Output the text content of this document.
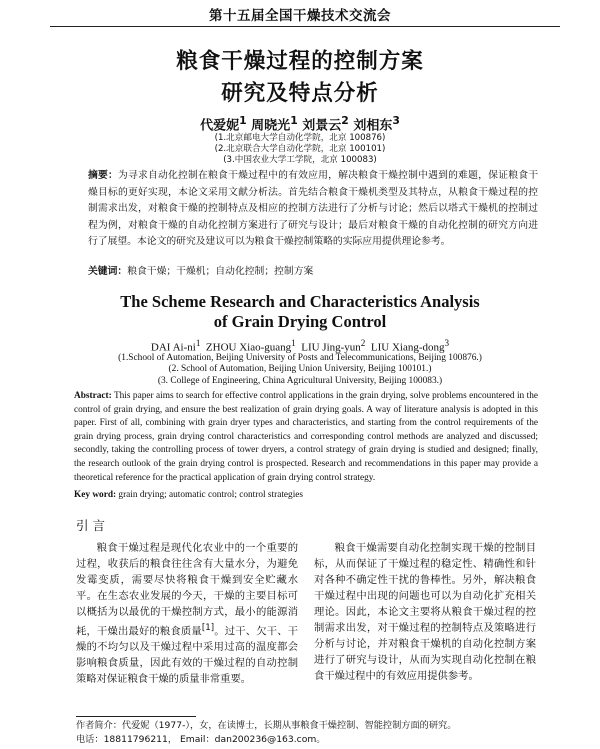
第十五届全国干燥技术交流会
粮食干燥过程的控制方案
研究及特点分析
代爱妮$^1$ 周晓光$^1$ 刘景云$^2$ 刘相东$^3$
(1.北京邮电大学自动化学院，北京 100876)
(2.北京联合大学自动化学院，北京 100101)
(3.中国农业大学工学院，北京 100083)
摘要：为寻求自动化控制在粮食干燥过程中的有效应用，解决粮食干燥控制中遇到的难题，保证粮食干燥目标的更好实现，本论文采用文献分析法。首先结合粮食干燥机类型及其特点，从粮食干燥过程的控制需求出发，对粮食干燥的控制特点及相应的控制方法进行了分析与讨论；然后以塔式干燥机的控制过程为例，对粮食干燥的自动化控制方案进行了研究与设计；最后对粮食干燥的自动化控制的研究方向进行了展望。本论文的研究及建议可以为粮食干燥控制策略的实际应用提供理论参考。
关键词：粮食干燥；干燥机；自动化控制；控制方案
The Scheme Research and Characteristics Analysis
of Grain Drying Control
DAI $Ai-ni^1$ ZHOU Xiao-guang$^1$ LIU Jing-yun$^2$ LIU Xiang-dong$^3$
(1.School of Automation, Beijing University of Posts and Telecommunications, Beijing 100876.)
(2. School of Automation, Beijing Union University, Beijing 100101.)
(3. College of Engineering, China Agricultural University, Beijing 100083.)
Abstract: This paper aims to search for effective control applications in the grain drying, solve problems encountered in the control of grain drying, and ensure the best realization of grain drying goals. A way of literature analysis is adopted in this paper. First of all, combining with grain dryer types and characteristics, and starting from the control requirements of the grain drying process, grain drying control characteristics and corresponding control methods are analyzed and discussed; secondly, taking the controlling process of tower dryers, a control strategy of grain drying is studied and designed; finally, the research outlook of the grain drying control is prospected. Research and recommendations in this paper may provide a theoretical reference for the practical application of grain drying control strategy.
Key word: grain drying; automatic control; control strategies
引 言

粮食干燥过程是现代化农业中的一个重要的过程，收获后的粮食往往含有大量水分，为避免发霉变质，需要尽快将粮食干燥到安全贮藏水平。在生态农业发展的今天，干燥的主要目标可以概括为以最优的干燥控制方式，最小的能源消耗，干燥出最好的粮食质量[1]。过干、欠干、干燥的不均匀以及干燥过程中采用过高的温度都会影响粮食质量，因此有效的干燥过程的自动控制策略对保证粮食干燥的质量非常重要。

粮食干燥需要自动化控制实现干燥的控制目标，从而保证了干燥过程的稳定性、精确性和针对各种不确定性干扰的鲁棒性。另外，解决粮食干燥过程中出现的问题也可以为自动化扩充相关理论。因此，本论文主要将从粮食干燥过程的控制需求出发，对干燥过程的控制特点及策略进行分析与讨论，并对粮食干燥机的自动化控制方案进行了研究与设计，从而为实现自动化控制在粮食干燥过程中的有效应用提供参考。

作者简介：代爱妮（1977-），女，在读博士，长期从事粮食干燥控制、智能控制方面的研究。
电话：18811796211， Email：dan200236@163.com。
